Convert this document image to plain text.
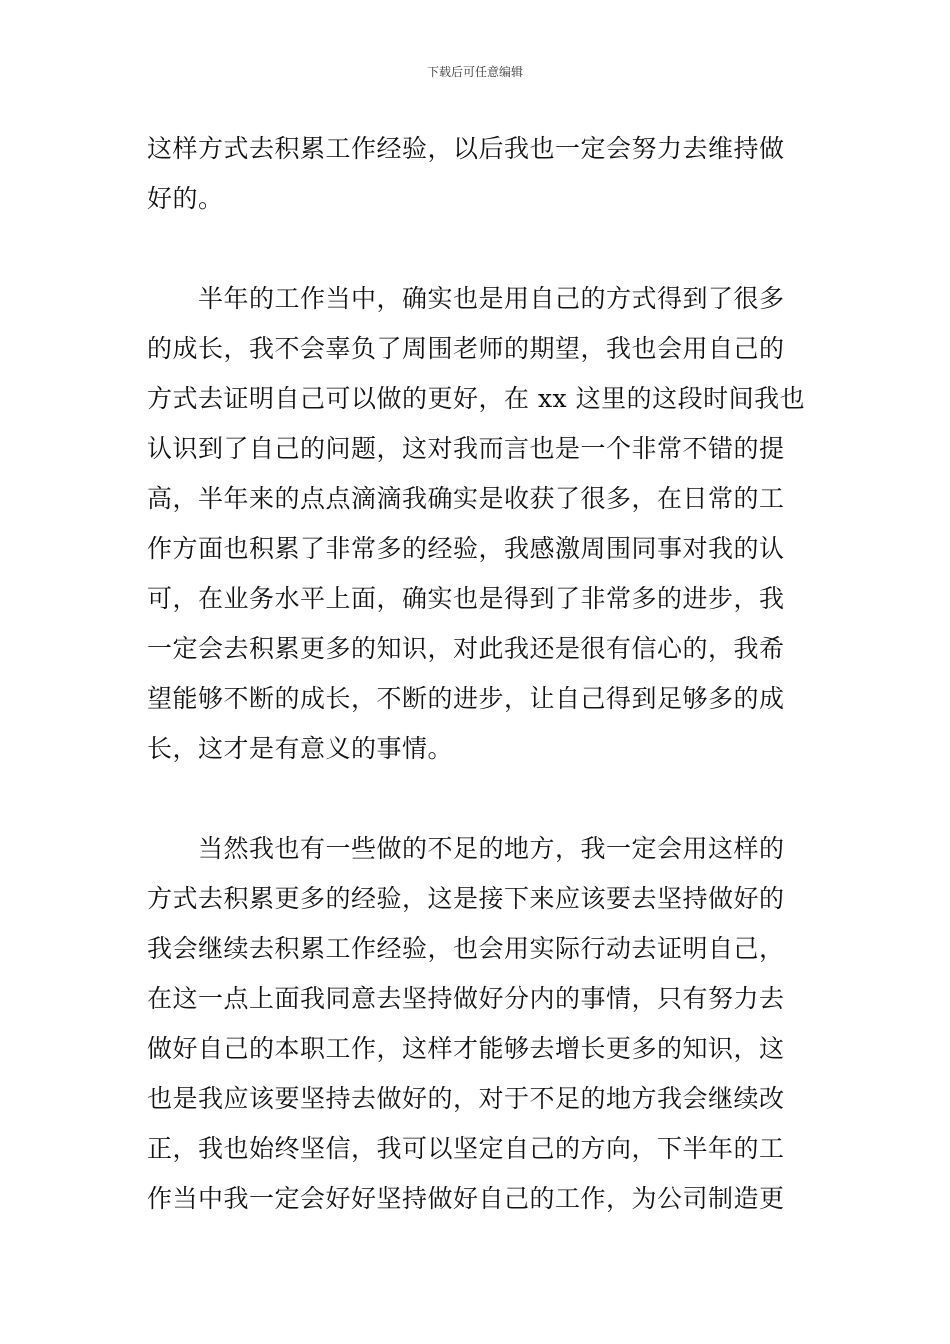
下载后可任意编辑
这样方式去积累工作经验，以后我也一定会努力去维持做
好的。
半年的工作当中，确实也是用自己的方式得到了很多
的成长，我不会辜负了周围老师的期望，我也会用自己的
方式去证明自己可以做的更好，在 xx 这里的这段时间我也
认识到了自己的问题，这对我而言也是一个非常不错的提
高，半年来的点点滴滴我确实是收获了很多，在日常的工
作方面也积累了非常多的经验，我感激周围同事对我的认
可，在业务水平上面，确实也是得到了非常多的进步，我
一定会去积累更多的知识，对此我还是很有信心的，我希
望能够不断的成长，不断的进步，让自己得到足够多的成
长，这才是有意义的事情。
当然我也有一些做的不足的地方，我一定会用这样的
方式去积累更多的经验，这是接下来应该要去坚持做好的
我会继续去积累工作经验，也会用实际行动去证明自己，
在这一点上面我同意去坚持做好分内的事情，只有努力去
做好自己的本职工作，这样才能够去增长更多的知识，这
也是我应该要坚持去做好的，对于不足的地方我会继续改
正，我也始终坚信，我可以坚定自己的方向，下半年的工
作当中我一定会好好坚持做好自己的工作，为公司制造更
